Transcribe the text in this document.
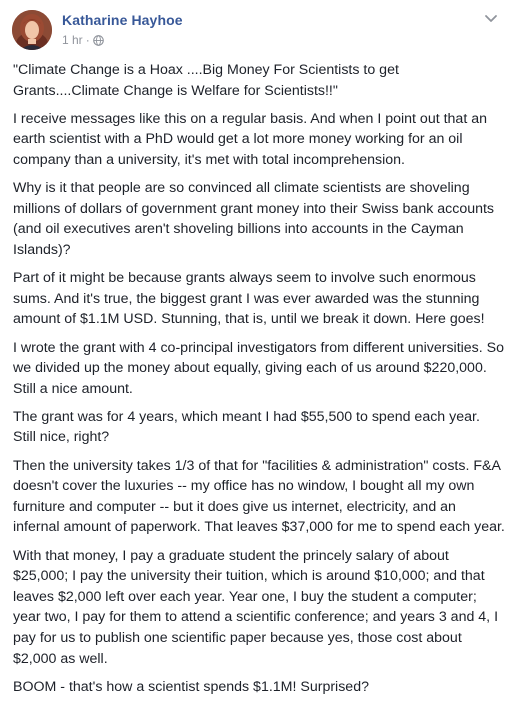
Katharine Hayhoe
1 hr ·

"Climate Change is a Hoax ....Big Money For Scientists to get Grants....Climate Change is Welfare for Scientists!!"

I receive messages like this on a regular basis. And when I point out that an earth scientist with a PhD would get a lot more money working for an oil company than a university, it's met with total incomprehension.

Why is it that people are so convinced all climate scientists are shoveling millions of dollars of government grant money into their Swiss bank accounts (and oil executives aren't shoveling billions into accounts in the Cayman Islands)?

Part of it might be because grants always seem to involve such enormous sums. And it's true, the biggest grant I was ever awarded was the stunning amount of $1.1M USD. Stunning, that is, until we break it down. Here goes!

I wrote the grant with 4 co-principal investigators from different universities. So we divided up the money about equally, giving each of us around $220,000. Still a nice amount.

The grant was for 4 years, which meant I had $55,500 to spend each year. Still nice, right?

Then the university takes 1/3 of that for "facilities & administration" costs. F&A doesn't cover the luxuries -- my office has no window, I bought all my own furniture and computer -- but it does give us internet, electricity, and an infernal amount of paperwork. That leaves $37,000 for me to spend each year.

With that money, I pay a graduate student the princely salary of about $25,000; I pay the university their tuition, which is around $10,000; and that leaves $2,000 left over each year. Year one, I buy the student a computer; year two, I pay for them to attend a scientific conference; and years 3 and 4, I pay for us to publish one scientific paper because yes, those cost about $2,000 as well.

BOOM - that's how a scientist spends $1.1M! Surprised?
